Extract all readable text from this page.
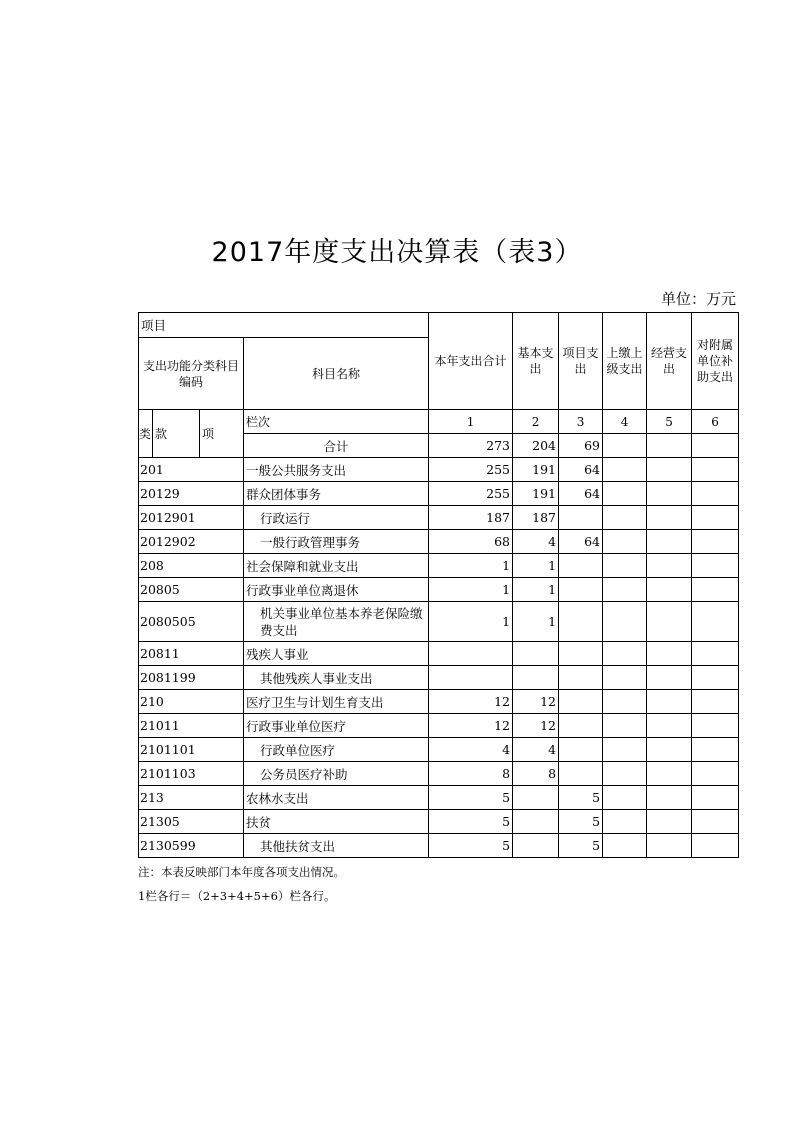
2017年度支出决算表（表3）
单位：万元
项目				本年支出合计	基本支出	项目支出	上缴上级支出	经营支出	对附属单位补助支出
支出功能分类科目编码			科目名称						
类	款	项	栏次	1	2	3	4	5	6
			合计	273	204	69			
201			一般公共服务支出	255	191	64			
20129			群众团体事务	255	191	64			
2012901			行政运行	187	187				
2012902			一般行政管理事务	68	4	64			
208			社会保障和就业支出	1	1				
20805			行政事业单位离退休	1	1				
2080505			机关事业单位基本养老保险缴费支出	1	1				
20811			残疾人事业						
2081199			其他残疾人事业支出						
210			医疗卫生与计划生育支出	12	12				
21011			行政事业单位医疗	12	12				
2101101			行政单位医疗	4	4				
2101103			公务员医疗补助	8	8				
213			农林水支出	5		5			
21305			扶贫	5		5			
2130599			其他扶贫支出	5		5			
注：本表反映部门本年度各项支出情况。
1栏各行＝（2+3+4+5+6）栏各行。
